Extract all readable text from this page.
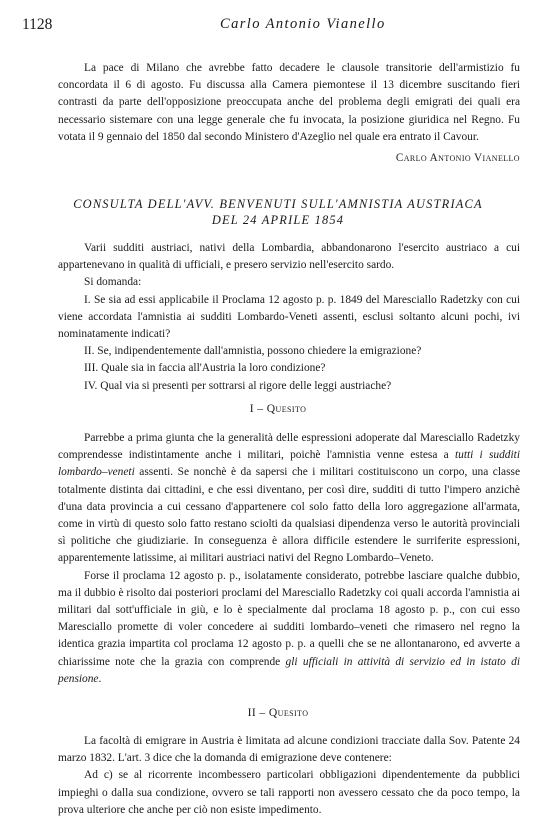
1128	Carlo Antonio Vianello

La pace di Milano che avrebbe fatto decadere le clausole transitorie dell'armistizio fu concordata il 6 di agosto. Fu discussa alla Camera piemontese il 13 dicembre suscitando fieri contrasti da parte dell'opposizione preoccupata anche del problema degli emigrati dei quali era necessario sistemare con una legge generale che fu invocata, la posizione giuridica nel Regno. Fu votata il 9 gennaio del 1850 dal secondo Ministero d'Azeglio nel quale era entrato il Cavour.

Carlo Antonio Vianello
CONSULTA DELL'AVV. BENVENUTI SULL'AMNISTIA AUSTRIACA
DEL 24 APRILE 1854

Varii sudditi austriaci, nativi della Lombardia, abbandonarono l'esercito austriaco a cui appartenevano in qualità di ufficiali, e presero servizio nell'esercito sardo.

Si domanda:

I. Se sia ad essi applicabile il Proclama 12 agosto p. p. 1849 del Maresciallo Radetzky con cui viene accordata l'amnistia ai sudditi Lombardo-Veneti assenti, esclusi soltanto alcuni pochi, ivi nominatamente indicati?

II. Se, indipendentemente dall'amnistia, possono chiedere la emigrazione?

III. Quale sia in faccia all'Austria la loro condizione?

IV. Qual via si presenti per sottrarsi al rigore delle leggi austriache?

I – Quesito

Parrebbe a prima giunta che la generalità delle espressioni adoperate dal Maresciallo Radetzky comprendesse indistintamente anche i militari, poichè l'amnistia venne estesa a tutti i sudditi lombardo–veneti assenti. Se nonchè è da sapersi che i militari costituiscono un corpo, una classe totalmente distinta dai cittadini, e che essi diventano, per così dire, sudditi di tutto l'impero anzichè d'una data provincia a cui cessano d'appartenere col solo fatto della loro aggregazione all'armata, come in virtù di questo solo fatto restano sciolti da qualsiasi dipendenza verso le autorità provinciali sì politiche che giudiziarie. In conseguenza è allora difficile estendere le surriferite espressioni, apparentemente latissime, ai militari austriaci nativi del Regno Lombardo–Veneto.

Forse il proclama 12 agosto p. p., isolatamente considerato, potrebbe lasciare qualche dubbio, ma il dubbio è risolto dai posteriori proclami del Maresciallo Radetzky coi quali accorda l'amnistia ai militari dal sott'ufficiale in giù, e lo è specialmente dal proclama 18 agosto p. p., con cui esso Maresciallo promette di voler concedere ai sudditi lombardo–veneti che rimasero nel regno la identica grazia impartita col proclama 12 agosto p. p. a quelli che se ne allontanarono, ed avverte a chiarissime note che la grazia con comprende gli ufficiali in attività di servizio ed in istato di pensione.

II – Quesito

La facoltà di emigrare in Austria è limitata ad alcune condizioni tracciate dalla Sov. Patente 24 marzo 1832. L'art. 3 dice che la domanda di emigrazione deve contenere:

Ad c) se al ricorrente incombessero particolari obbligazioni dipendentemente da pubblici impieghi o dalla sua condizione, ovvero se tali rapporti non avessero cessato che da poco tempo, la prova ulteriore che anche per ciò non esiste impedimento.
